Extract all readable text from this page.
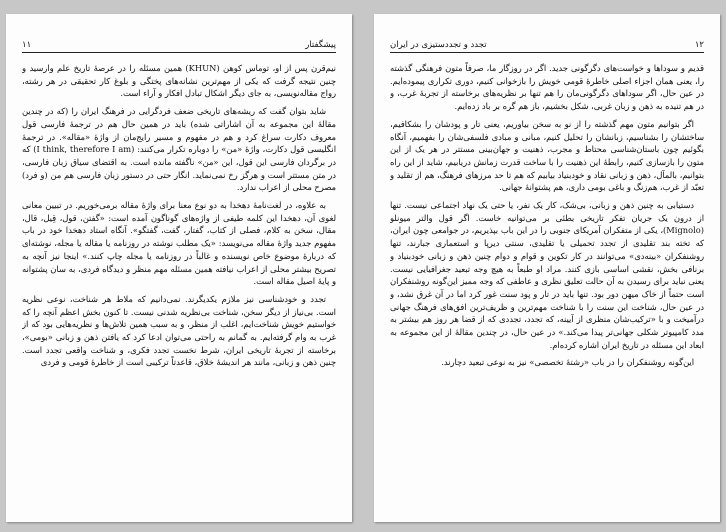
پیشگفتار
۱۱

نیم‌قرن پس از او، توماس کوهن (KHUN) همین مسئله را در عرصهٔ تاریخ علم وارسید و چنین نتیجه گرفت که یکی از مهم‌ترین نشانه‌های پختگی و بلوغ کار تحقیقی در هر رشته، رواج مقاله‌نویسی، به جای دیگر اشکال تبادل افکار و آراء است.

شاید بتوان گفت که ریشه‌های تاریخی ضعف فردگرایی در فرهنگ ایران را (که در چندین مقالهٔ این مجموعه به آن اشاراتی شده) باید در همین حال هم در ترجمهٔ فارسی قول معروف دکارت سراغ کرد و هم در مفهوم و مسیر رایج‌مان از واژهٔ «مقاله». در ترجمهٔ انگلیسی قول دکارت، واژهٔ «من» را دوباره تکرار می‌کنند: (I think, therefore I am) که در برگردان فارسی این قول، این «من» ناگفته مانده است. به اقتضای سیاق زبان فارسی، در متن مستتر است و هرگز رخ نمی‌نماید. انگار حتی در دستور زبان فارسی هم من (و فرد) مصرح محلی از اعراب ندارد.

به علاوه، در لغت‌نامهٔ دهخدا به دو نوع معنا برای واژهٔ مقاله برمی‌خوریم. در تبیین معانی لغوی آن، دهخدا این کلمه طیفی از واژه‌های گوناگون آمده است: «گفتن، قول، قِیل، قال، مقال، سخن به کلام، فصلی از کتاب، گفتار، گفت، گفتگو». آنگاه استاد دهخدا خود در باب مفهوم جدید واژهٔ مقاله می‌نویسد: «یک مطلب نوشته در روزنامه یا مقاله یا مجله، نوشته‌ای که دربارهٔ موضوع خاص نویسنده و غالباً در روزنامه یا مجله چاپ کنند.» اینجا نیز آنچه به تصریح بیشتر محلی از اعراب نیافته همین مسئله مهم منظر و دیدگاه فردی، به سان پشتوانه و پایهٔ اصیل مقاله است.

تجدد و خودشناسی نیز ملازم یکدیگرند. نمی‌دانیم که ملاط هر شناخت، نوعی نظریه است. بی‌نیاز از دیگر سخن، شناخت بی‌نظریه شدنی نیست. تا کنون بخش اعظم آنچه را که خواستیم خویش شناخت‌ایم، اغلب از منظر، و به سبب همین تلاش‌ها و نظریه‌هایی بود که از غرب به وام گرفته‌ایم. به گمانم به راحتی می‌توان ادعا کرد که یافتن ذهن و زبانی «بومی»، برخاسته از تجربهٔ تاریخی ایران، شرط نخست تجدد فکری، و شناخت واقعی تجدد است. چنین ذهن و زبانی، مانند هر اندیشهٔ خلاق، قاعدتاً ترکیبی است از خاطرهٔ قومی و فردی

۱۲
تجدد و تجددستیزی در ایران

قدیم و سوداها و خواست‌های دگرگونی جدید. اگر در روزگار ما، صرفاً متون فرهنگی گذشته را، یعنی همان اجزاء اصلی خاطرهٔ قومی خویش را بازخوانی کنیم، دوری تکراری پیموده‌ایم. در عین حال، اگر سوداهای دگرگونی‌مان را هم تنها بر نظریه‌های برخاسته از تجربهٔ غرب، و در هم تنیده به ذهن و زبان غربی، شکل بخشیم، باز هم گره بر باد زده‌ایم.

اگر بتوانیم متون مهم گذشته را از نو به سخن بیاوریم، یعنی تار و پودشان را بشکافیم، ساختشان را بشناسیم، زبانشان را تحلیل کنیم، مبانی و مبادی فلسفی‌شان را بفهمیم، آنگاه بگوئیم چون باستان‌شناسی محتاط و مجرب، ذهنیت و جهان‌بینی مستتر در هر یک از این متون را بازسازی کنیم، رابطهٔ این ذهنیت را با ساخت قدرت زمانش دریابیم، شاید از این راه بتوانیم، بالمآل، ذهن و زبانی نقاد و خودبنیاد بیابیم که هم تا حد مرزهای فرهنگ، هم از تقلید و تعبّد از غرب، هم‌زنگ و باغی بومی داری، هم پشتوانهٔ جهانی.

دستیابی به چنین ذهن و زبانی، بی‌شک، کار یک نفر، یا حتی یک نهاد اجتماعی نیست. تنها از درون یک جریان تفکر تاریخی بطئی بر می‌توانیه خاست. اگر قول والتر میونلو (Mignolo)، یکی از متفکران آمریکای جنوبی را در این باب بپذیریم، در جوامعی چون ایران، که تخته بند تقلیدی از تجدد تحمیلی یا تقلیدی، سنتی دیرپا و استعماری جبارند، تنها روشنفکران «بینه‌دی» می‌توانند در کار تکوین و قوام و دوام چنین ذهن و زبانی خودبنیاد و برنافی بخش، نقشی اساسی بازی کنند. مراد او طبعاً به هیچ وجه تبعید جغرافیایی نیست. یعنی نباید برای رسیدن به آن حالت تعلیق نظری و عاطفی که وجه مميز اين‌گونه روشنفکران است حتماً از خاک میهن دور بود. تنها باید در تار و پود سنت غور کرد اما در آن غرق نشد، و در عین حال، شناخت این سنت را با شناخت مهم‌ترین و ظریف‌ترین افق‌های فرهنگ جهانی درآمیخت و با «ترکیب‌شان منظری از آیینه، که تجدد، تجددی که از قضا هر روز هم بیشتر به مدد کامپیوتر شکلی جهانی‌تر پیدا می‌کند.» در عین حال، در چندین مقالهٔ از این مجموعه به ابعاد این مسئله در تاریخ ایران اشاره کرده‌ام.

این‌گونه روشنفکران را در باب «رشتهٔ تخصصی» نیز به نوعی تبعید دچارند.
